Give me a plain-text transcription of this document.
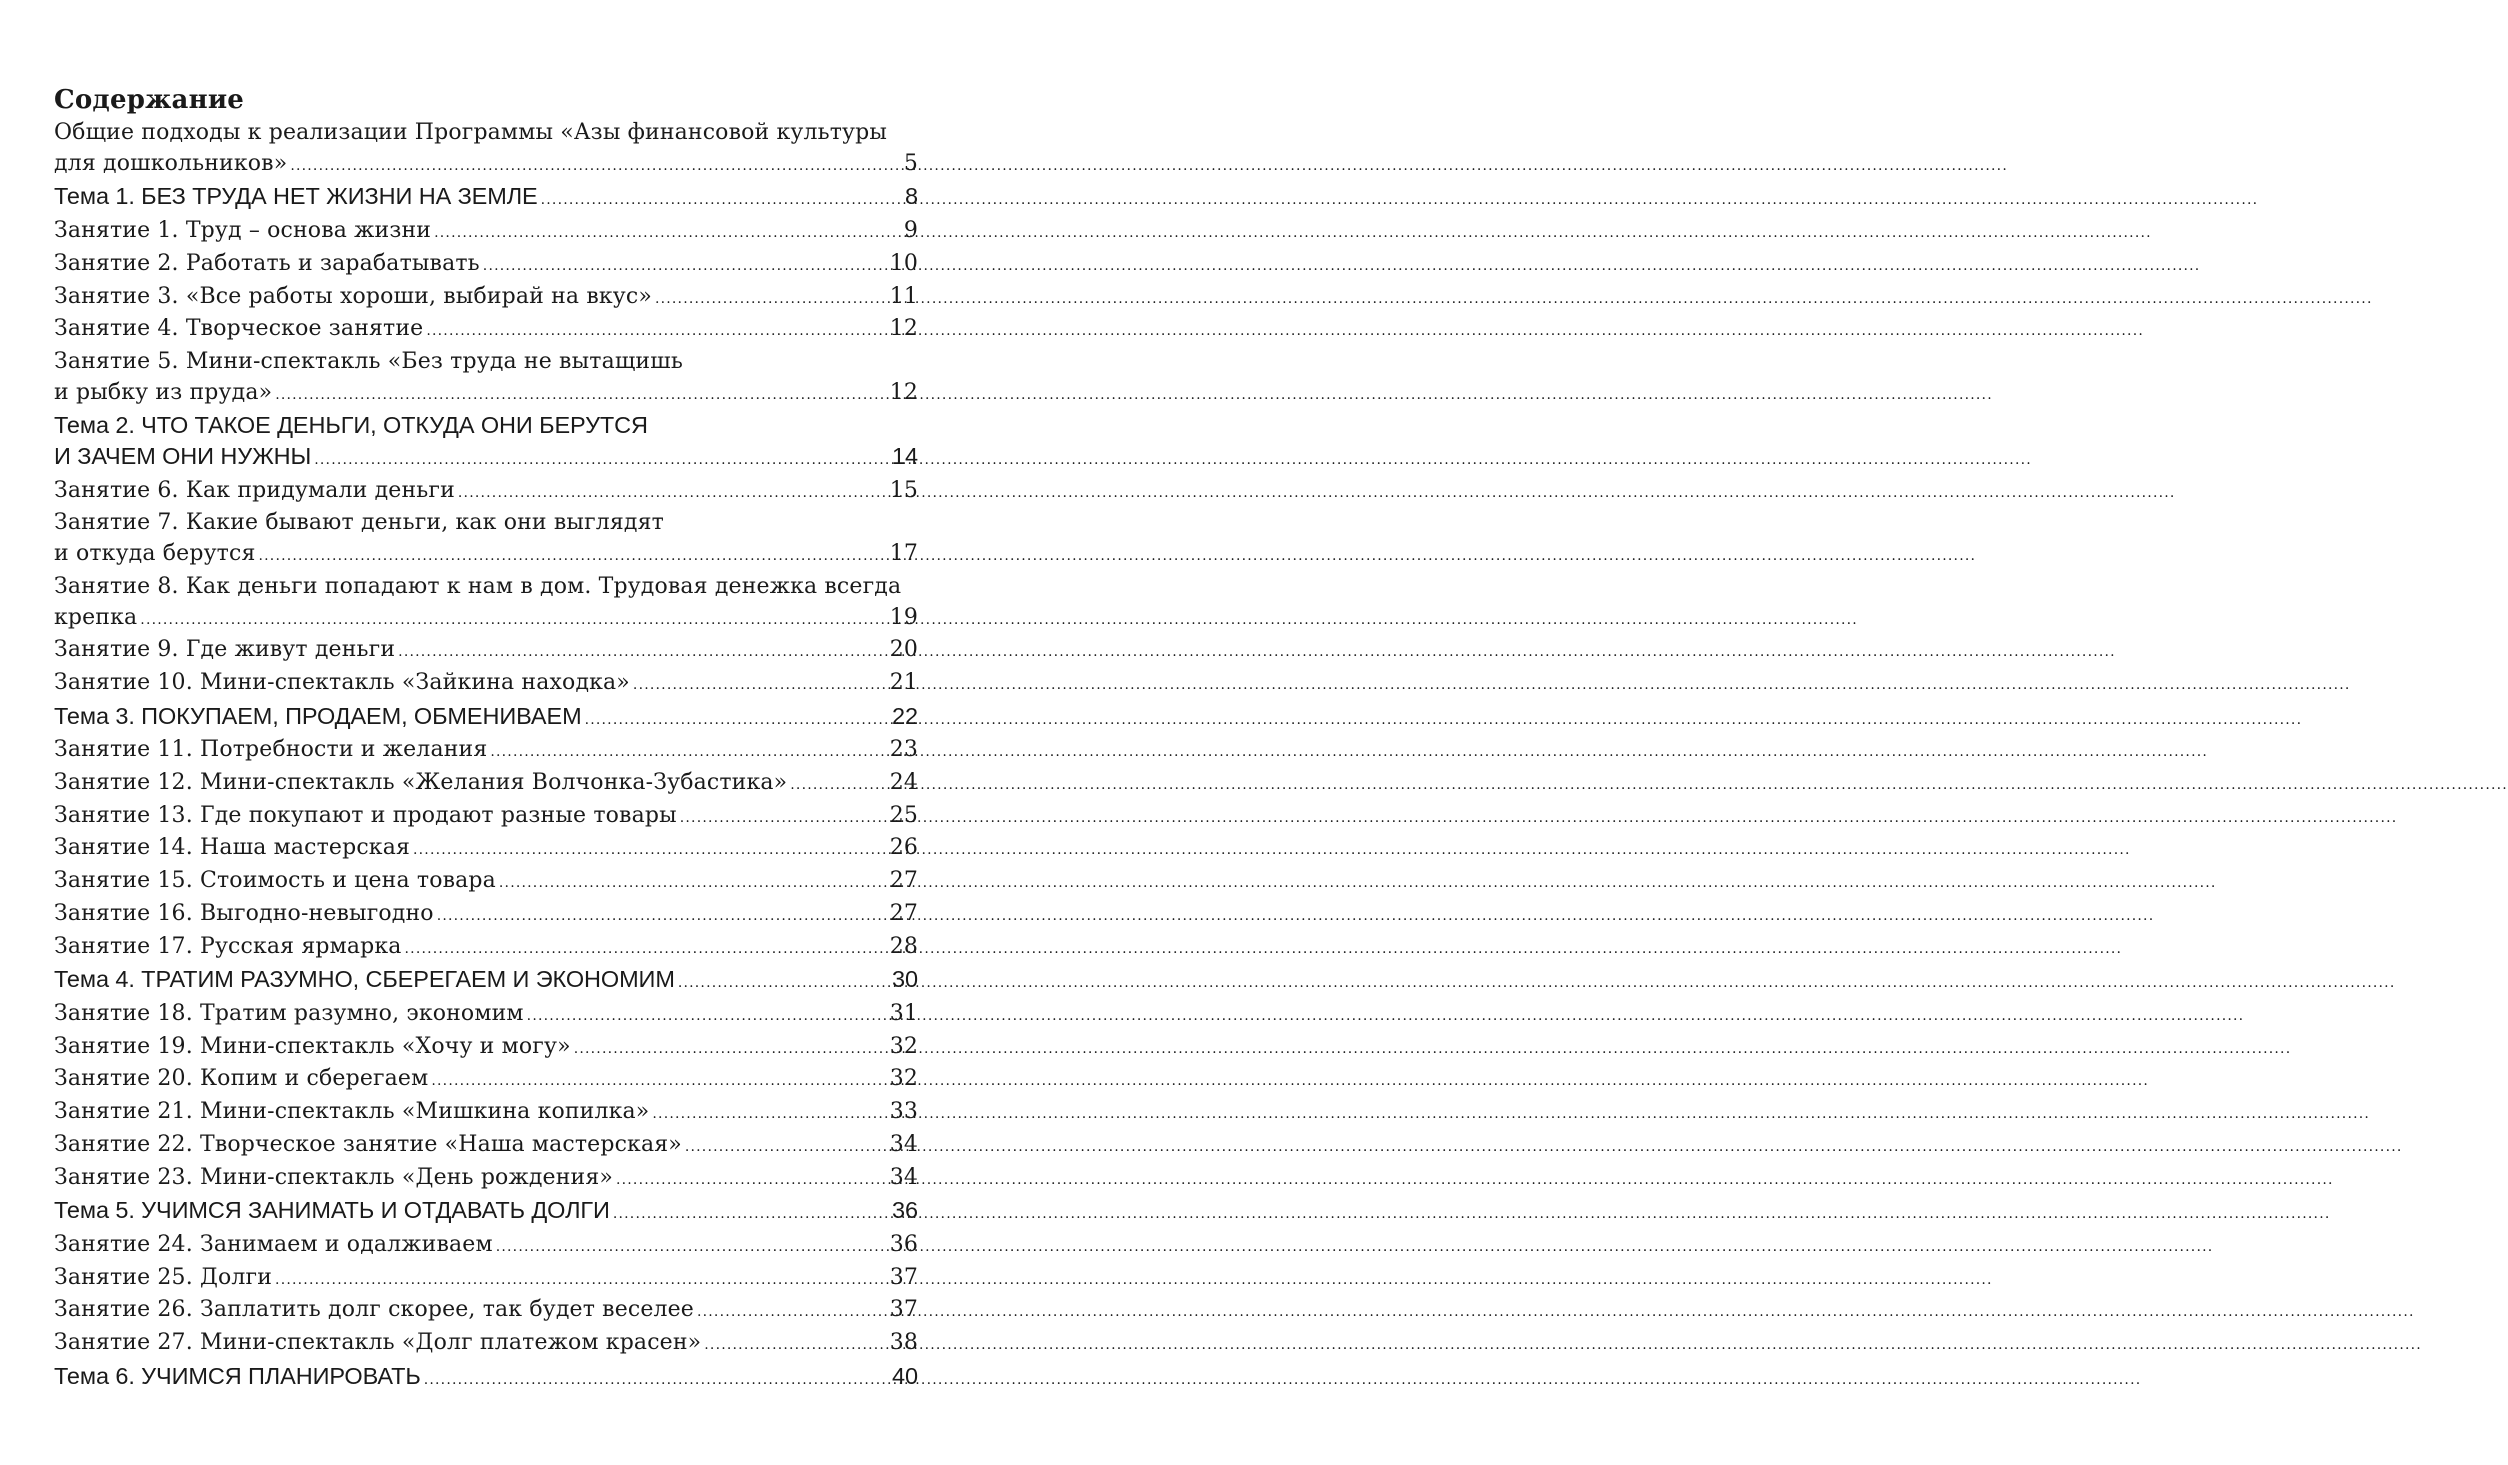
Содержание
Общие подходы к реализации Программы «Азы финансовой культуры
для дошкольников» .....	5
Тема 1. БЕЗ ТРУДА НЕТ ЖИЗНИ НА ЗЕМЛЕ .....	8
Занятие 1. Труд – основа жизни .....	9
Занятие 2. Работать и зарабатывать .....	10
Занятие 3. «Все работы хороши, выбирай на вкус» .....	11
Занятие 4. Творческое занятие .....	12
Занятие 5. Мини-спектакль «Без труда не вытащишь
и рыбку из пруда» .....	12
Тема 2. ЧТО ТАКОЕ ДЕНЬГИ, ОТКУДА ОНИ БЕРУТСЯ
И ЗАЧЕМ ОНИ НУЖНЫ .....	14
Занятие 6. Как придумали деньги .....	15
Занятие 7. Какие бывают деньги, как они выглядят
и откуда берутся .....	17
Занятие 8. Как деньги попадают к нам в дом. Трудовая денежка всегда
крепка .....	19
Занятие 9. Где живут деньги .....	20
Занятие 10. Мини-спектакль «Зайкина находка» .....	21
Тема 3. ПОКУПАЕМ, ПРОДАЕМ, ОБМЕНИВАЕМ .....	22
Занятие 11. Потребности и желания .....	23
Занятие 12. Мини-спектакль «Желания Волчонка-Зубастика» .....	24
Занятие 13. Где покупают и продают разные товары .....	25
Занятие 14. Наша мастерская .....	26
Занятие 15. Стоимость и цена товара .....	27
Занятие 16. Выгодно-невыгодно .....	27
Занятие 17. Русская ярмарка .....	28
Тема 4. ТРАТИМ РАЗУМНО, СБЕРЕГАЕМ И ЭКОНОМИМ .....	30
Занятие 18. Тратим разумно, экономим .....	31
Занятие 19. Мини-спектакль «Хочу и могу» .....	32
Занятие 20. Копим и сберегаем .....	32
Занятие 21. Мини-спектакль «Мишкина копилка» .....	33
Занятие 22. Творческое занятие «Наша мастерская» .....	34
Занятие 23. Мини-спектакль «День рождения» .....	34
Тема 5. УЧИМСЯ ЗАНИМАТЬ И ОТДАВАТЬ ДОЛГИ .....	36
Занятие 24. Занимаем и одалживаем .....	36
Занятие 25. Долги .....	37
Занятие 26. Заплатить долг скорее, так будет веселее .....	37
Занятие 27. Мини-спектакль «Долг платежом красен» .....	38
Тема 6. УЧИМСЯ ПЛАНИРОВАТЬ .....	40
